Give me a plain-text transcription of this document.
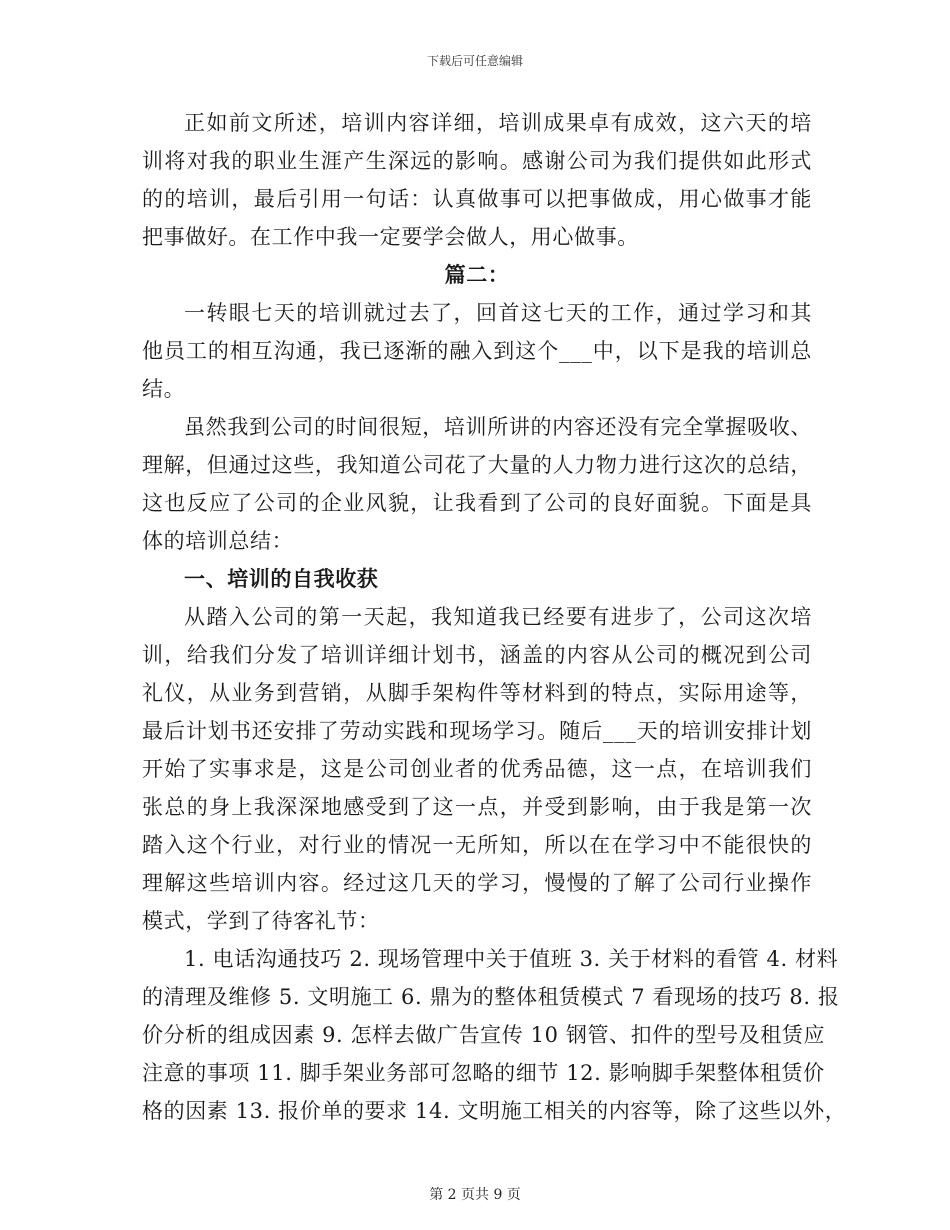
下载后可任意编辑
正如前文所述，培训内容详细，培训成果卓有成效，这六天的培
训将对我的职业生涯产生深远的影响。感谢公司为我们提供如此形式
的的培训，最后引用一句话：认真做事可以把事做成，用心做事才能
把事做好。在工作中我一定要学会做人，用心做事。
篇二：
一转眼七天的培训就过去了，回首这七天的工作，通过学习和其
他员工的相互沟通，我已逐渐的融入到这个___中，以下是我的培训总
结。
虽然我到公司的时间很短，培训所讲的内容还没有完全掌握吸收、
理解，但通过这些，我知道公司花了大量的人力物力进行这次的总结，
这也反应了公司的企业风貌，让我看到了公司的良好面貌。下面是具
体的培训总结：
一、培训的自我收获
从踏入公司的第一天起，我知道我已经要有进步了，公司这次培
训，给我们分发了培训详细计划书，涵盖的内容从公司的概况到公司
礼仪，从业务到营销，从脚手架构件等材料到的特点，实际用途等，
最后计划书还安排了劳动实践和现场学习。随后___天的培训安排计划
开始了实事求是，这是公司创业者的优秀品德，这一点，在培训我们
张总的身上我深深地感受到了这一点，并受到影响，由于我是第一次
踏入这个行业，对行业的情况一无所知，所以在在学习中不能很快的
理解这些培训内容。经过这几天的学习，慢慢的了解了公司行业操作
模式，学到了待客礼节：
1. 电话沟通技巧 2. 现场管理中关于值班 3. 关于材料的看管 4. 材料
的清理及维修 5. 文明施工 6. 鼎为的整体租赁模式 7 看现场的技巧 8. 报
价分析的组成因素 9. 怎样去做广告宣传 10 钢管、扣件的型号及租赁应
注意的事项 11. 脚手架业务部可忽略的细节 12. 影响脚手架整体租赁价
格的因素 13. 报价单的要求 14. 文明施工相关的内容等，除了这些以外，
第 2 页共 9 页
